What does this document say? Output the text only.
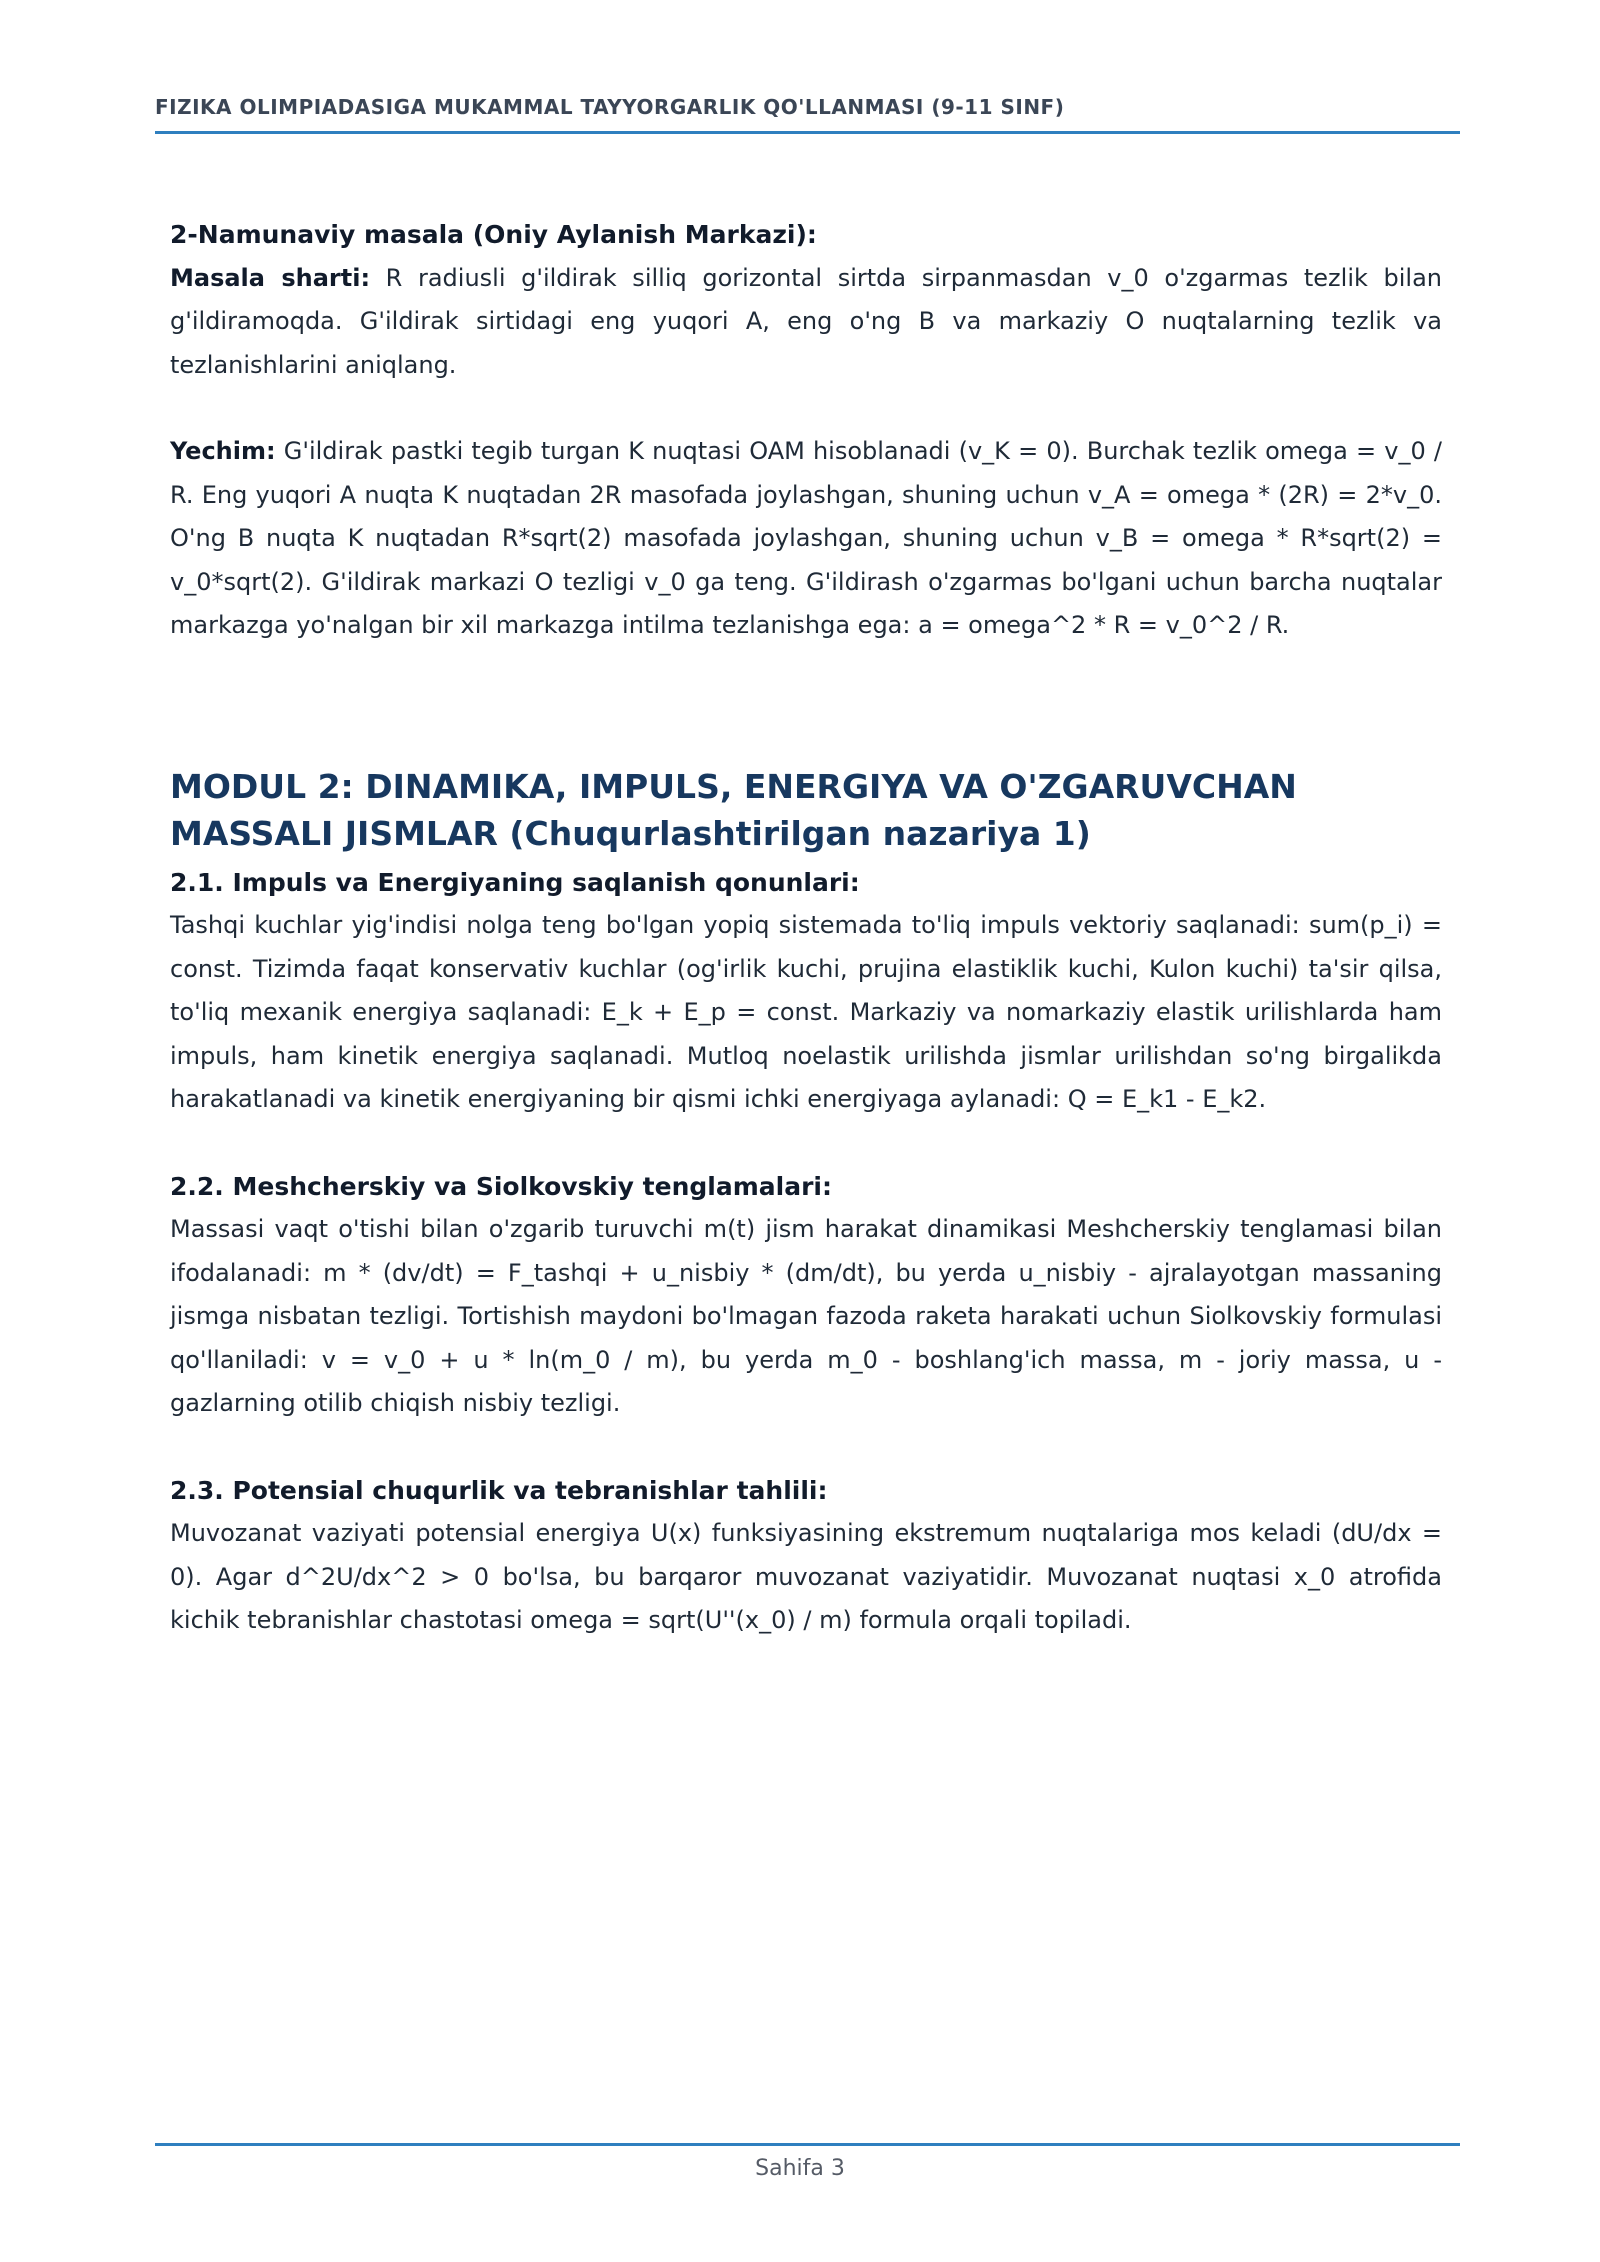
FIZIKA OLIMPIADASIGA MUKAMMAL TAYYORGARLIK QO'LLANMASI (9-11 SINF)

2-Namunaviy masala (Oniy Aylanish Markazi):

Masala sharti: R radiusli g'ildirak silliq gorizontal sirtda sirpanmasdan v_0 o'zgarmas tezlik bilan g'ildiramoqda. G'ildirak sirtidagi eng yuqori A, eng o'ng B va markaziy O nuqtalarning tezlik va tezlanishlarini aniqlang.

Yechim: G'ildirak pastki tegib turgan K nuqtasi OAM hisoblanadi (v_K = 0). Burchak tezlik omega = v_0 / R. Eng yuqori A nuqta K nuqtadan 2R masofada joylashgan, shuning uchun v_A = omega * (2R) = 2*v_0. O'ng B nuqta K nuqtadan R*sqrt(2) masofada joylashgan, shuning uchun v_B = omega * R*sqrt(2) = v_0*sqrt(2). G'ildirak markazi O tezligi v_0 ga teng. G'ildirash o'zgarmas bo'lgani uchun barcha nuqtalar markazga yo'nalgan bir xil markazga intilma tezlanishga ega: a = omega^2 * R = v_0^2 / R.

MODUL 2: DINAMIKA, IMPULS, ENERGIYA VA O'ZGARUVCHAN
MASSALI JISMLAR (Chuqurlashtirilgan nazariya 1)

2.1. Impuls va Energiyaning saqlanish qonunlari:

Tashqi kuchlar yig'indisi nolga teng bo'lgan yopiq sistemada to'liq impuls vektoriy saqlanadi: sum(p_i) = const. Tizimda faqat konservativ kuchlar (og'irlik kuchi, prujina elastiklik kuchi, Kulon kuchi) ta'sir qilsa, to'liq mexanik energiya saqlanadi: E_k + E_p = const. Markaziy va nomarkaziy elastik urilishlarda ham impuls, ham kinetik energiya saqlanadi. Mutloq noelastik urilishda jismlar urilishdan so'ng birgalikda harakatlanadi va kinetik energiyaning bir qismi ichki energiyaga aylanadi: Q = E_k1 - E_k2.

2.2. Meshcherskiy va Siolkovskiy tenglamalari:

Massasi vaqt o'tishi bilan o'zgarib turuvchi m(t) jism harakat dinamikasi Meshcherskiy tenglamasi bilan ifodalanadi: m * (dv/dt) = F_tashqi + u_nisbiy * (dm/dt), bu yerda u_nisbiy - ajralayotgan massaning jismga nisbatan tezligi. Tortishish maydoni bo'lmagan fazoda raketa harakati uchun Siolkovskiy formulasi qo'llaniladi: v = v_0 + u * ln(m_0 / m), bu yerda m_0 - boshlang'ich massa, m - joriy massa, u - gazlarning otilib chiqish nisbiy tezligi.

2.3. Potensial chuqurlik va tebranishlar tahlili:

Muvozanat vaziyati potensial energiya U(x) funksiyasining ekstremum nuqtalariga mos keladi (dU/dx = 0). Agar d^2U/dx^2 > 0 bo'lsa, bu barqaror muvozanat vaziyatidir. Muvozanat nuqtasi x_0 atrofida kichik tebranishlar chastotasi omega = sqrt(U''(x_0) / m) formula orqali topiladi.

Sahifa 3
